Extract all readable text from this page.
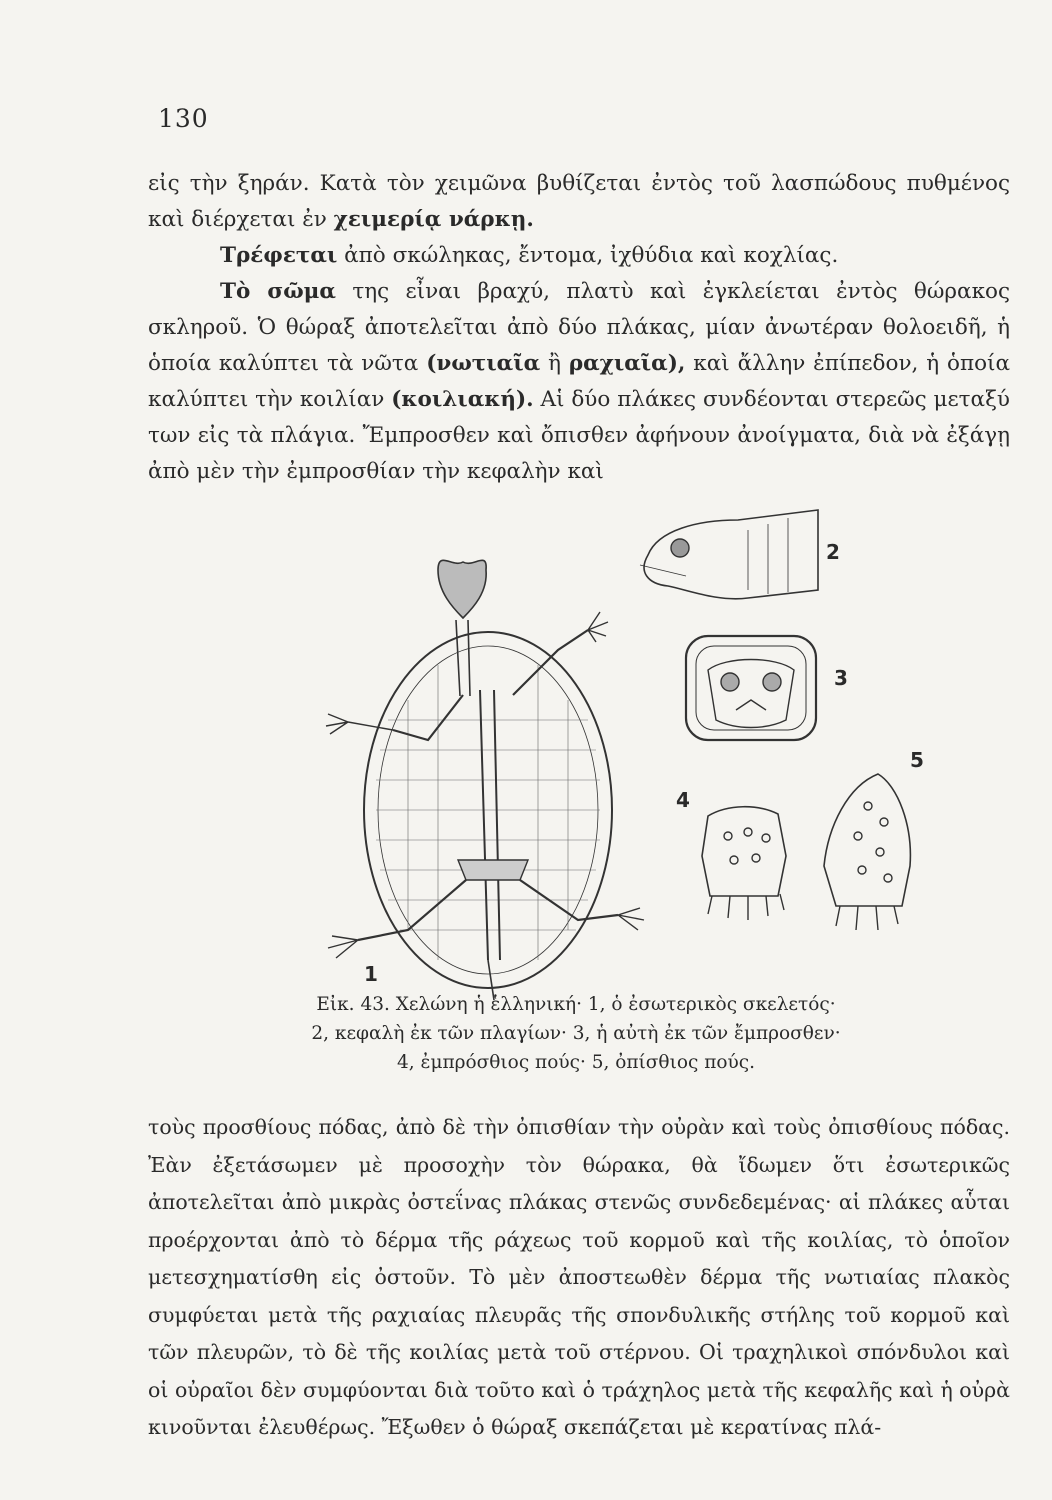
130

εἰς τὴν ξηράν. Κατὰ τὸν χειμῶνα βυθίζεται ἐντὸς τοῦ λασπώδους πυθμένος καὶ διέρχεται ἐν χειμερίᾳ νάρκῃ.

Τρέφεται ἀπὸ σκώληκας, ἔντομα, ἰχθύδια καὶ κοχλίας.

Τὸ σῶμα της εἶναι βραχύ, πλατὺ καὶ ἐγκλείεται ἐντὸς θώρακος σκληροῦ. Ὁ θώραξ ἀποτελεῖται ἀπὸ δύο πλάκας, μίαν ἀνωτέραν θολοειδῆ, ἡ ὁποία καλύπτει τὰ νῶτα (νωτιαῖα ἢ ραχιαῖα), καὶ ἄλλην ἐπίπεδον, ἡ ὁποία καλύπτει τὴν κοιλίαν (κοιλιακή). Αἱ δύο πλάκες συνδέονται στερεῶς μεταξύ των εἰς τὰ πλάγια. Ἔμπροσθεν καὶ ὄπισθεν ἀφήνουν ἀνοίγματα, διὰ νὰ ἐξάγῃ ἀπὸ μὲν τὴν ἐμπροσθίαν τὴν κεφαλὴν καὶ

1
2
3
4
5
Εἰκ. 43. Χελώνη ἡ ἑλληνική· 1, ὁ ἐσωτερικὸς σκελετός·
2, κεφαλὴ ἐκ τῶν πλαγίων· 3, ἡ αὐτὴ ἐκ τῶν ἔμπροσθεν·
4, ἐμπρόσθιος πούς· 5, ὀπίσθιος πούς.

τοὺς προσθίους πόδας, ἀπὸ δὲ τὴν ὀπισθίαν τὴν οὐρὰν καὶ τοὺς ὀπισθίους πόδας. Ἐὰν ἐξετάσωμεν μὲ προσοχὴν τὸν θώρακα, θὰ ἴδωμεν ὅτι ἐσωτερικῶς ἀποτελεῖται ἀπὸ μικρὰς ὀστεΐνας πλάκας στενῶς συνδεδεμένας· αἱ πλάκες αὗται προέρχονται ἀπὸ τὸ δέρμα τῆς ράχεως τοῦ κορμοῦ καὶ τῆς κοιλίας, τὸ ὁποῖον μετεσχηματίσθη εἰς ὀστοῦν. Τὸ μὲν ἀποστεωθὲν δέρμα τῆς νωτιαίας πλακὸς συμφύεται μετὰ τῆς ραχιαίας πλευρᾶς τῆς σπονδυλικῆς στήλης τοῦ κορμοῦ καὶ τῶν πλευρῶν, τὸ δὲ τῆς κοιλίας μετὰ τοῦ στέρνου. Οἱ τραχηλικοὶ σπόνδυλοι καὶ οἱ οὐραῖοι δὲν συμφύονται διὰ τοῦτο καὶ ὁ τράχηλος μετὰ τῆς κεφαλῆς καὶ ἡ οὐρὰ κινοῦνται ἐλευθέρως. Ἔξωθεν ὁ θώραξ σκεπάζεται μὲ κερατίνας πλά-
